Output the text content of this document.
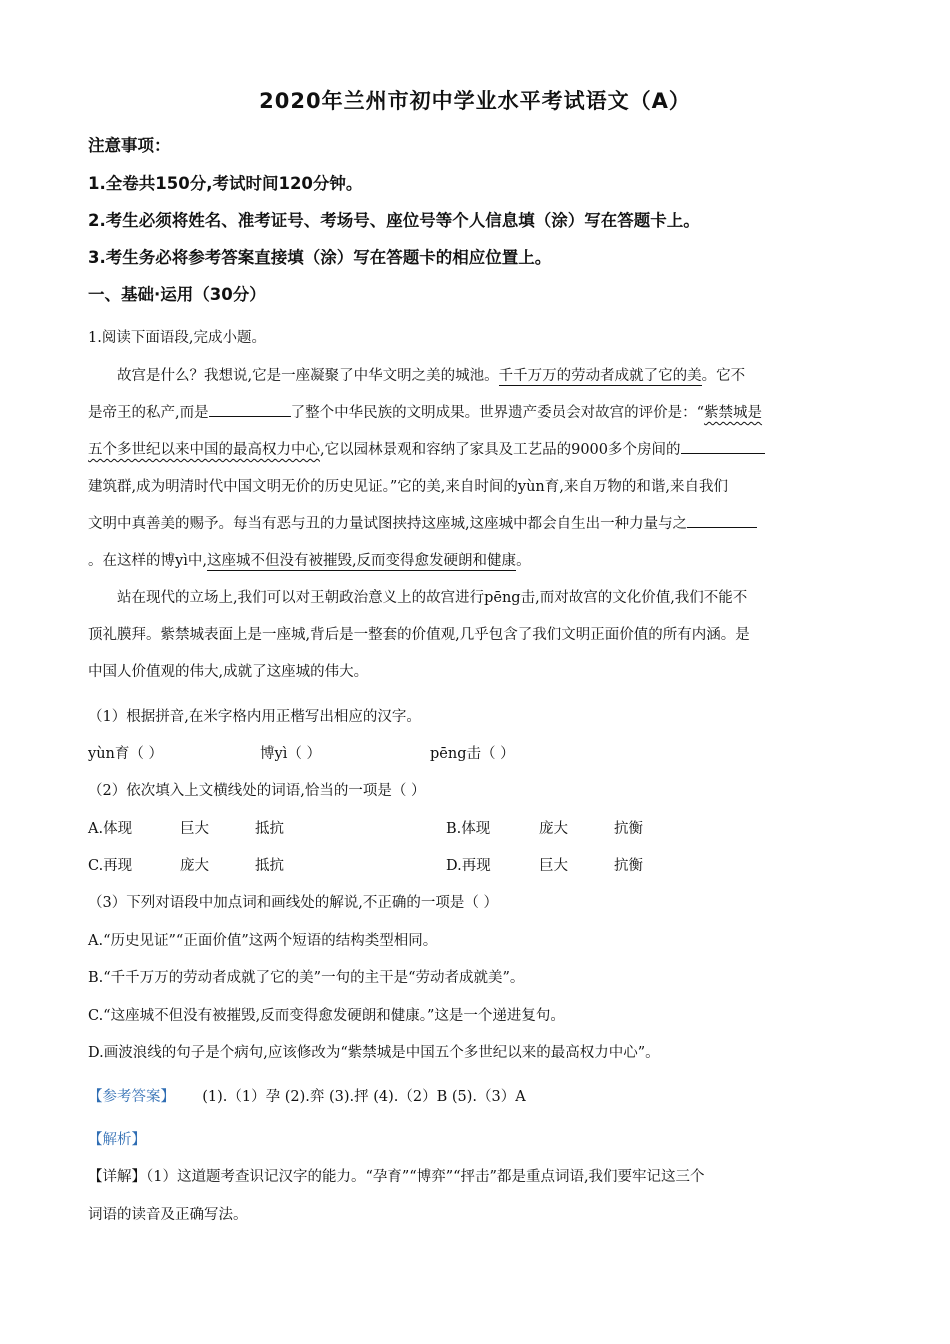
2020年兰州市初中学业水平考试语文（A）
注意事项：
1.全卷共150分,考试时间120分钟。
2.考生必须将姓名、准考证号、考场号、座位号等个人信息填（涂）写在答题卡上。
3.考生务必将参考答案直接填（涂）写在答题卡的相应位置上。
一、基础·运用（30分）
1.阅读下面语段,完成小题。
故宫是什么？我想说,它是一座凝聚了中华文明之美的城池。千千万万的劳动者成就了它的美。它不
是帝王的私产,而是	了整个中华民族的文明成果。世界遗产委员会对故宫的评价是：“紫禁城是
五个多世纪以来中国的最高权力中心,它以园林景观和容纳了家具及工艺品的9000多个房间的
建筑群,成为明清时代中国文明无价的历史见证。”它的美,来自时间的yùn育,来自万物的和谐,来自我们
文明中真善美的赐予。每当有恶与丑的力量试图挟持这座城,这座城中都会自生出一种力量与之
。在这样的博yì中,这座城不但没有被摧毁,反而变得愈发硬朗和健康。
站在现代的立场上,我们可以对王朝政治意义上的故宫进行pēng击,而对故宫的文化价值,我们不能不
顶礼膜拜。紫禁城表面上是一座城,背后是一整套的价值观,几乎包含了我们文明正面价值的所有内涵。是
中国人价值观的伟大,成就了这座城的伟大。
（1）根据拼音,在米字格内用正楷写出相应的汉字。
yùn育（ ）	博yì（ ）	pēng击（ ）
（2）依次填入上文横线处的词语,恰当的一项是（ ）
A.体现	巨大	抵抗	B.体现	庞大	抗衡
C.再现	庞大	抵抗	D.再现	巨大	抗衡
（3）下列对语段中加点词和画线处的解说,不正确的一项是（ ）
A.“历史见证”“正面价值”这两个短语的结构类型相同。
B.“千千万万的劳动者成就了它的美”一句的主干是“劳动者成就美”。
C.“这座城不但没有被摧毁,反而变得愈发硬朗和健康。”这是一个递进复句。
D.画波浪线的句子是个病句,应该修改为“紫禁城是中国五个多世纪以来的最高权力中心”。
【参考答案】 (1).（1）孕 (2).弈 (3).抨 (4).（2）B (5).（3）A
【解析】
【详解】（1）这道题考查识记汉字的能力。“孕育”“博弈”“抨击”都是重点词语,我们要牢记这三个
词语的读音及正确写法。
